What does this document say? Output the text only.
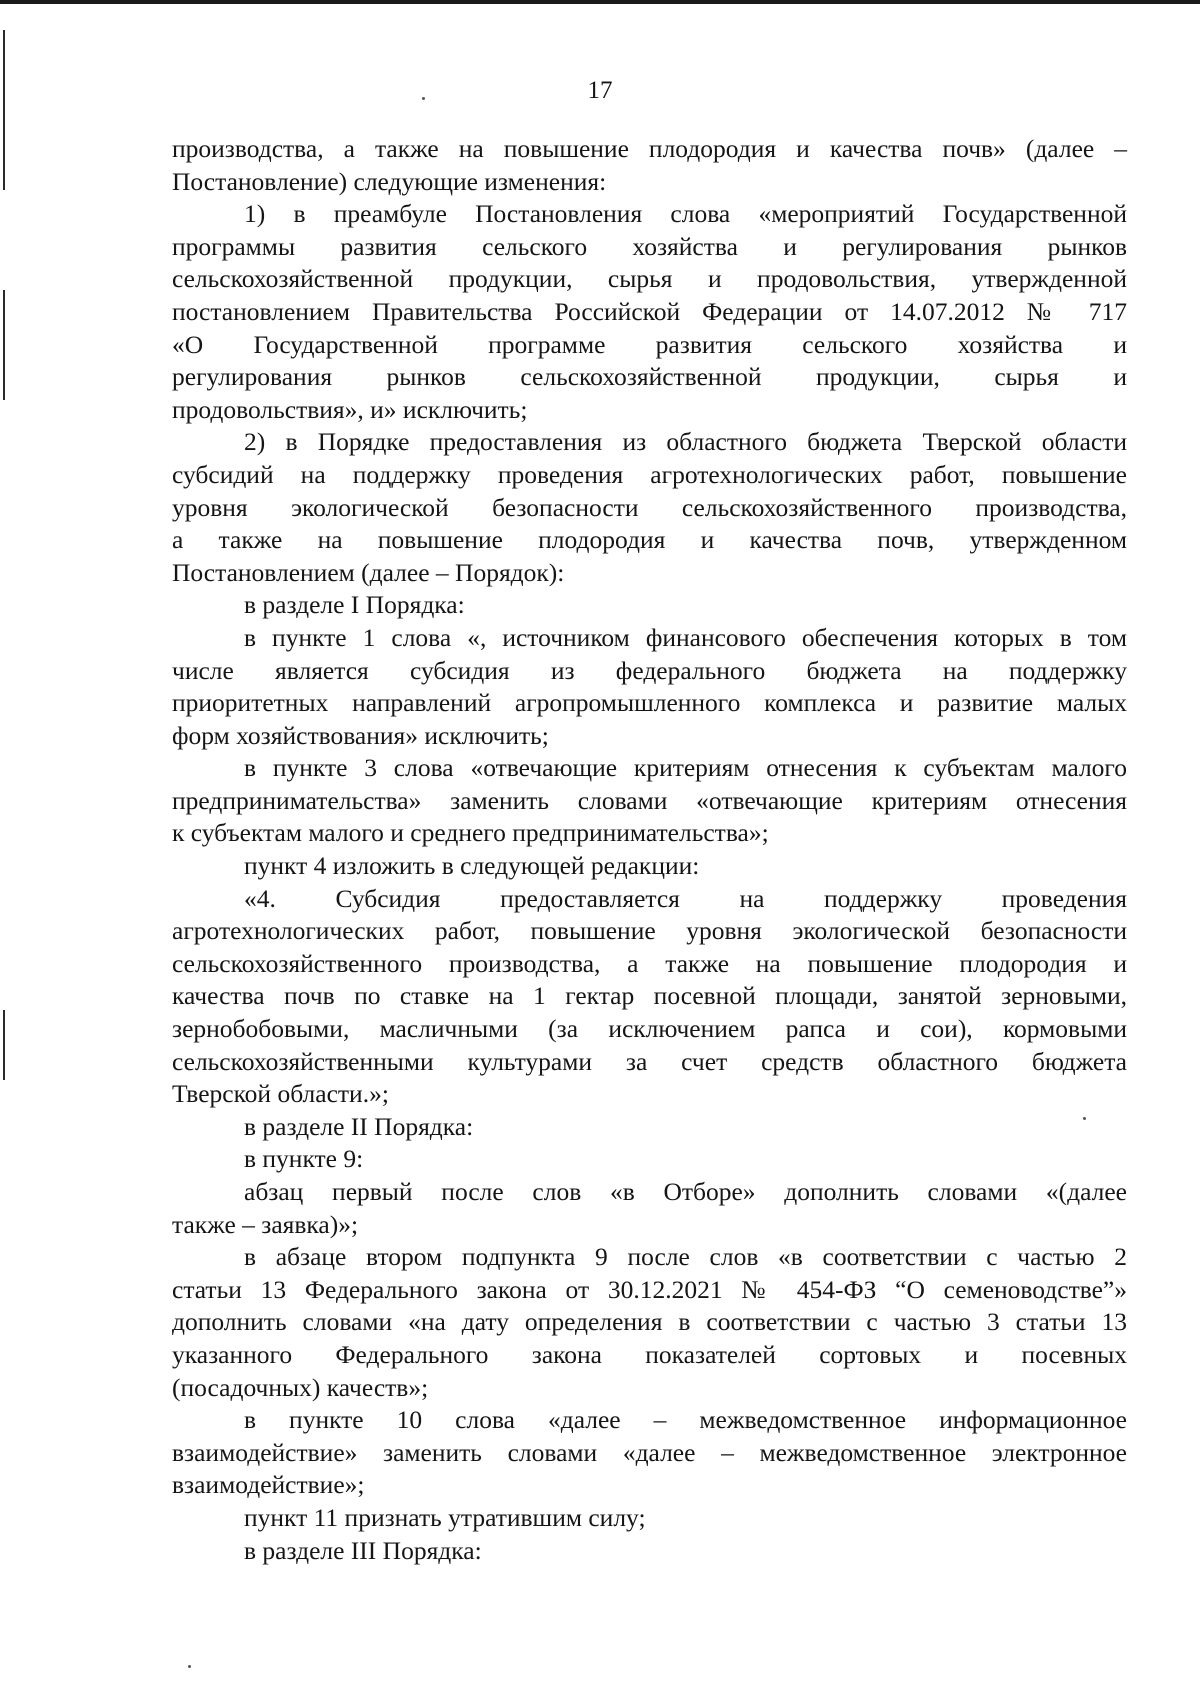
17
производства, а также на повышение плодородия и качества почв» (далее –
Постановление) следующие изменения:
1) в преамбуле Постановления слова «мероприятий Государственной
программы развития сельского хозяйства и регулирования рынков
сельскохозяйственной продукции, сырья и продовольствия, утвержденной
постановлением Правительства Российской Федерации от 14.07.2012 № 717
«О Государственной программе развития сельского хозяйства и
регулирования рынков сельскохозяйственной продукции, сырья и
продовольствия», и» исключить;
2) в Порядке предоставления из областного бюджета Тверской области
субсидий на поддержку проведения агротехнологических работ, повышение
уровня экологической безопасности сельскохозяйственного производства,
а также на повышение плодородия и качества почв, утвержденном
Постановлением (далее – Порядок):
в разделе I Порядка:
в пункте 1 слова «, источником финансового обеспечения которых в том
числе является субсидия из федерального бюджета на поддержку
приоритетных направлений агропромышленного комплекса и развитие малых
форм хозяйствования» исключить;
в пункте 3 слова «отвечающие критериям отнесения к субъектам малого
предпринимательства» заменить словами «отвечающие критериям отнесения
к субъектам малого и среднего предпринимательства»;
пункт 4 изложить в следующей редакции:
«4. Субсидия предоставляется на поддержку проведения
агротехнологических работ, повышение уровня экологической безопасности
сельскохозяйственного производства, а также на повышение плодородия и
качества почв по ставке на 1 гектар посевной площади, занятой зерновыми,
зернобобовыми, масличными (за исключением рапса и сои), кормовыми
сельскохозяйственными культурами за счет средств областного бюджета
Тверской области.»;
в разделе II Порядка:
в пункте 9:
абзац первый после слов «в Отборе» дополнить словами «(далее
также – заявка)»;
в абзаце втором подпункта 9 после слов «в соответствии с частью 2
статьи 13 Федерального закона от 30.12.2021 № 454-ФЗ “О семеноводстве”»
дополнить словами «на дату определения в соответствии с частью 3 статьи 13
указанного Федерального закона показателей сортовых и посевных
(посадочных) качеств»;
в пункте 10 слова «далее – межведомственное информационное
взаимодействие» заменить словами «далее – межведомственное электронное
взаимодействие»;
пункт 11 признать утратившим силу;
в разделе III Порядка:
